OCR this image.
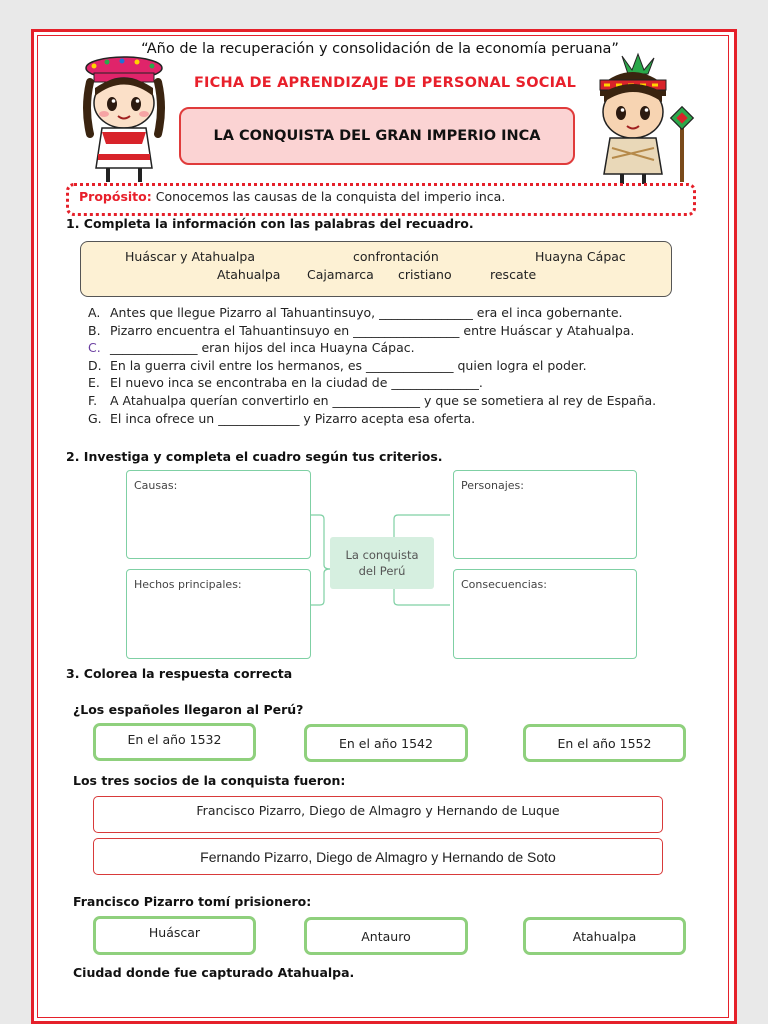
“Año de la recuperación y consolidación de la economía peruana”
FICHA DE APRENDIZAJE DE PERSONAL SOCIAL
LA CONQUISTA DEL GRAN IMPERIO INCA
Propósito: Conocemos las causas de la conquista del imperio inca.
1. Completa la información con las palabras del recuadro.
Huáscar y Atahualpa	confrontación	Huayna Cápac
Atahualpa Cajamarca cristiano	rescate
A. Antes que llegue Pizarro al Tahuantinsuyo, _______________ era el inca gobernante.
B. Pizarro encuentra el Tahuantinsuyo en _________________ entre Huáscar y Atahualpa.
C. ______________ eran hijos del inca Huayna Cápac.
D. En la guerra civil entre los hermanos, es ______________ quien logra el poder.
E. El nuevo inca se encontraba en la ciudad de ______________.
F.	A Atahualpa querían convertirlo en ______________ y que se sometiera al rey de España.
G. El inca ofrece un _____________ y Pizarro acepta esa oferta.
2. Investiga y completa el cuadro según tus criterios.
Causas:	Personajes:
Hechos principales:	Consecuencias:
La conquista del Perú
3. Colorea la respuesta correcta
¿Los españoles llegaron al Perú?
En el año 1532	En el año 1542	En el año 1552
Los tres socios de la conquista fueron:
Francisco Pizarro, Diego de Almagro y Hernando de Luque
Fernando Pizarro, Diego de Almagro y Hernando de Soto
Francisco Pizarro tomí prisionero:
Huáscar	Antauro	Atahualpa
Ciudad donde fue capturado Atahualpa.
